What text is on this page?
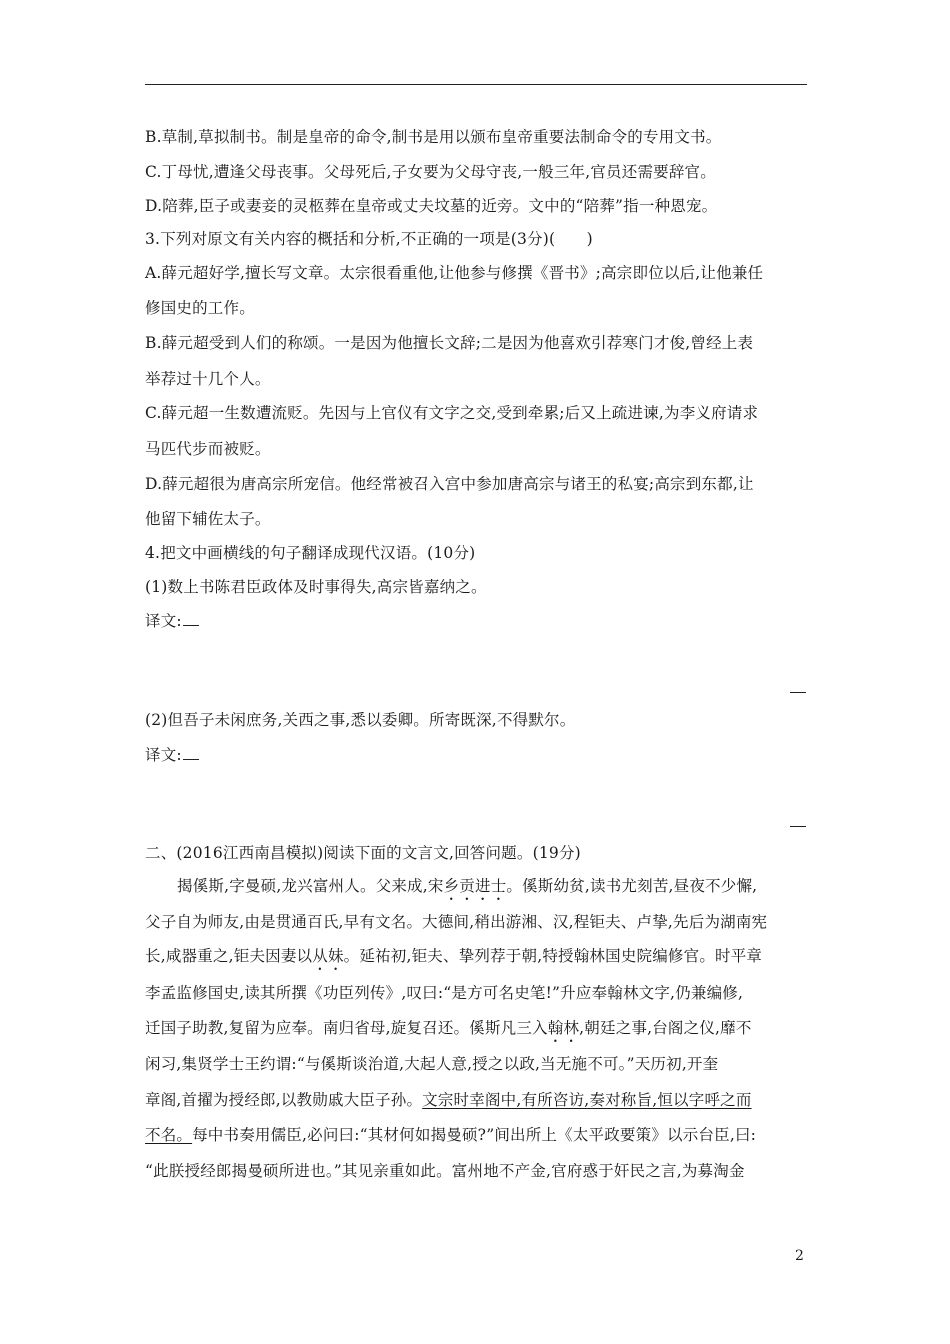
B.草制,草拟制书。制是皇帝的命令,制书是用以颁布皇帝重要法制命令的专用文书。
C.丁母忧,遭逢父母丧事。父母死后,子女要为父母守丧,一般三年,官员还需要辞官。
D.陪葬,臣子或妻妾的灵柩葬在皇帝或丈夫坟墓的近旁。文中的“陪葬”指一种恩宠。
3.下列对原文有关内容的概括和分析,不正确的一项是(3分)(　　)
A.薛元超好学,擅长写文章。太宗很看重他,让他参与修撰《晋书》;高宗即位以后,让他兼任
修国史的工作。
B.薛元超受到人们的称颂。一是因为他擅长文辞;二是因为他喜欢引荐寒门才俊,曾经上表
举荐过十几个人。
C.薛元超一生数遭流贬。先因与上官仪有文字之交,受到牵累;后又上疏进谏,为李义府请求
马匹代步而被贬。
D.薛元超很为唐高宗所宠信。他经常被召入宫中参加唐高宗与诸王的私宴;高宗到东都,让
他留下辅佐太子。
4.把文中画横线的句子翻译成现代汉语。(10分)
(1)数上书陈君臣政体及时事得失,高宗皆嘉纳之。
译文:
(2)但吾子未闲庶务,关西之事,悉以委卿。所寄既深,不得默尔。
译文:
二、(2016江西南昌模拟)阅读下面的文言文,回答问题。(19分)
揭傒斯,字曼硕,龙兴富州人。父来成,宋乡贡进士。傒斯幼贫,读书尤刻苦,昼夜不少懈,
父子自为师友,由是贯通百氏,早有文名。大德间,稍出游湘、汉,程钜夫、卢挚,先后为湖南宪
长,咸器重之,钜夫因妻以从妹。延祐初,钜夫、挚列荐于朝,特授翰林国史院编修官。时平章
李孟监修国史,读其所撰《功臣列传》,叹曰:“是方可名史笔!”升应奉翰林文字,仍兼编修,
迁国子助教,复留为应奉。南归省母,旋复召还。傒斯凡三入翰林,朝廷之事,台阁之仪,靡不
闲习,集贤学士王约谓:“与傒斯谈治道,大起人意,授之以政,当无施不可。”天历初,开奎
章阁,首擢为授经郎,以教勋戚大臣子孙。文宗时幸阁中,有所咨访,奏对称旨,恒以字呼之而
不名。每中书奏用儒臣,必问曰:“其材何如揭曼硕?”间出所上《太平政要策》以示台臣,曰:
“此朕授经郎揭曼硕所进也。”其见亲重如此。富州地不产金,官府惑于奸民之言,为募淘金
2
